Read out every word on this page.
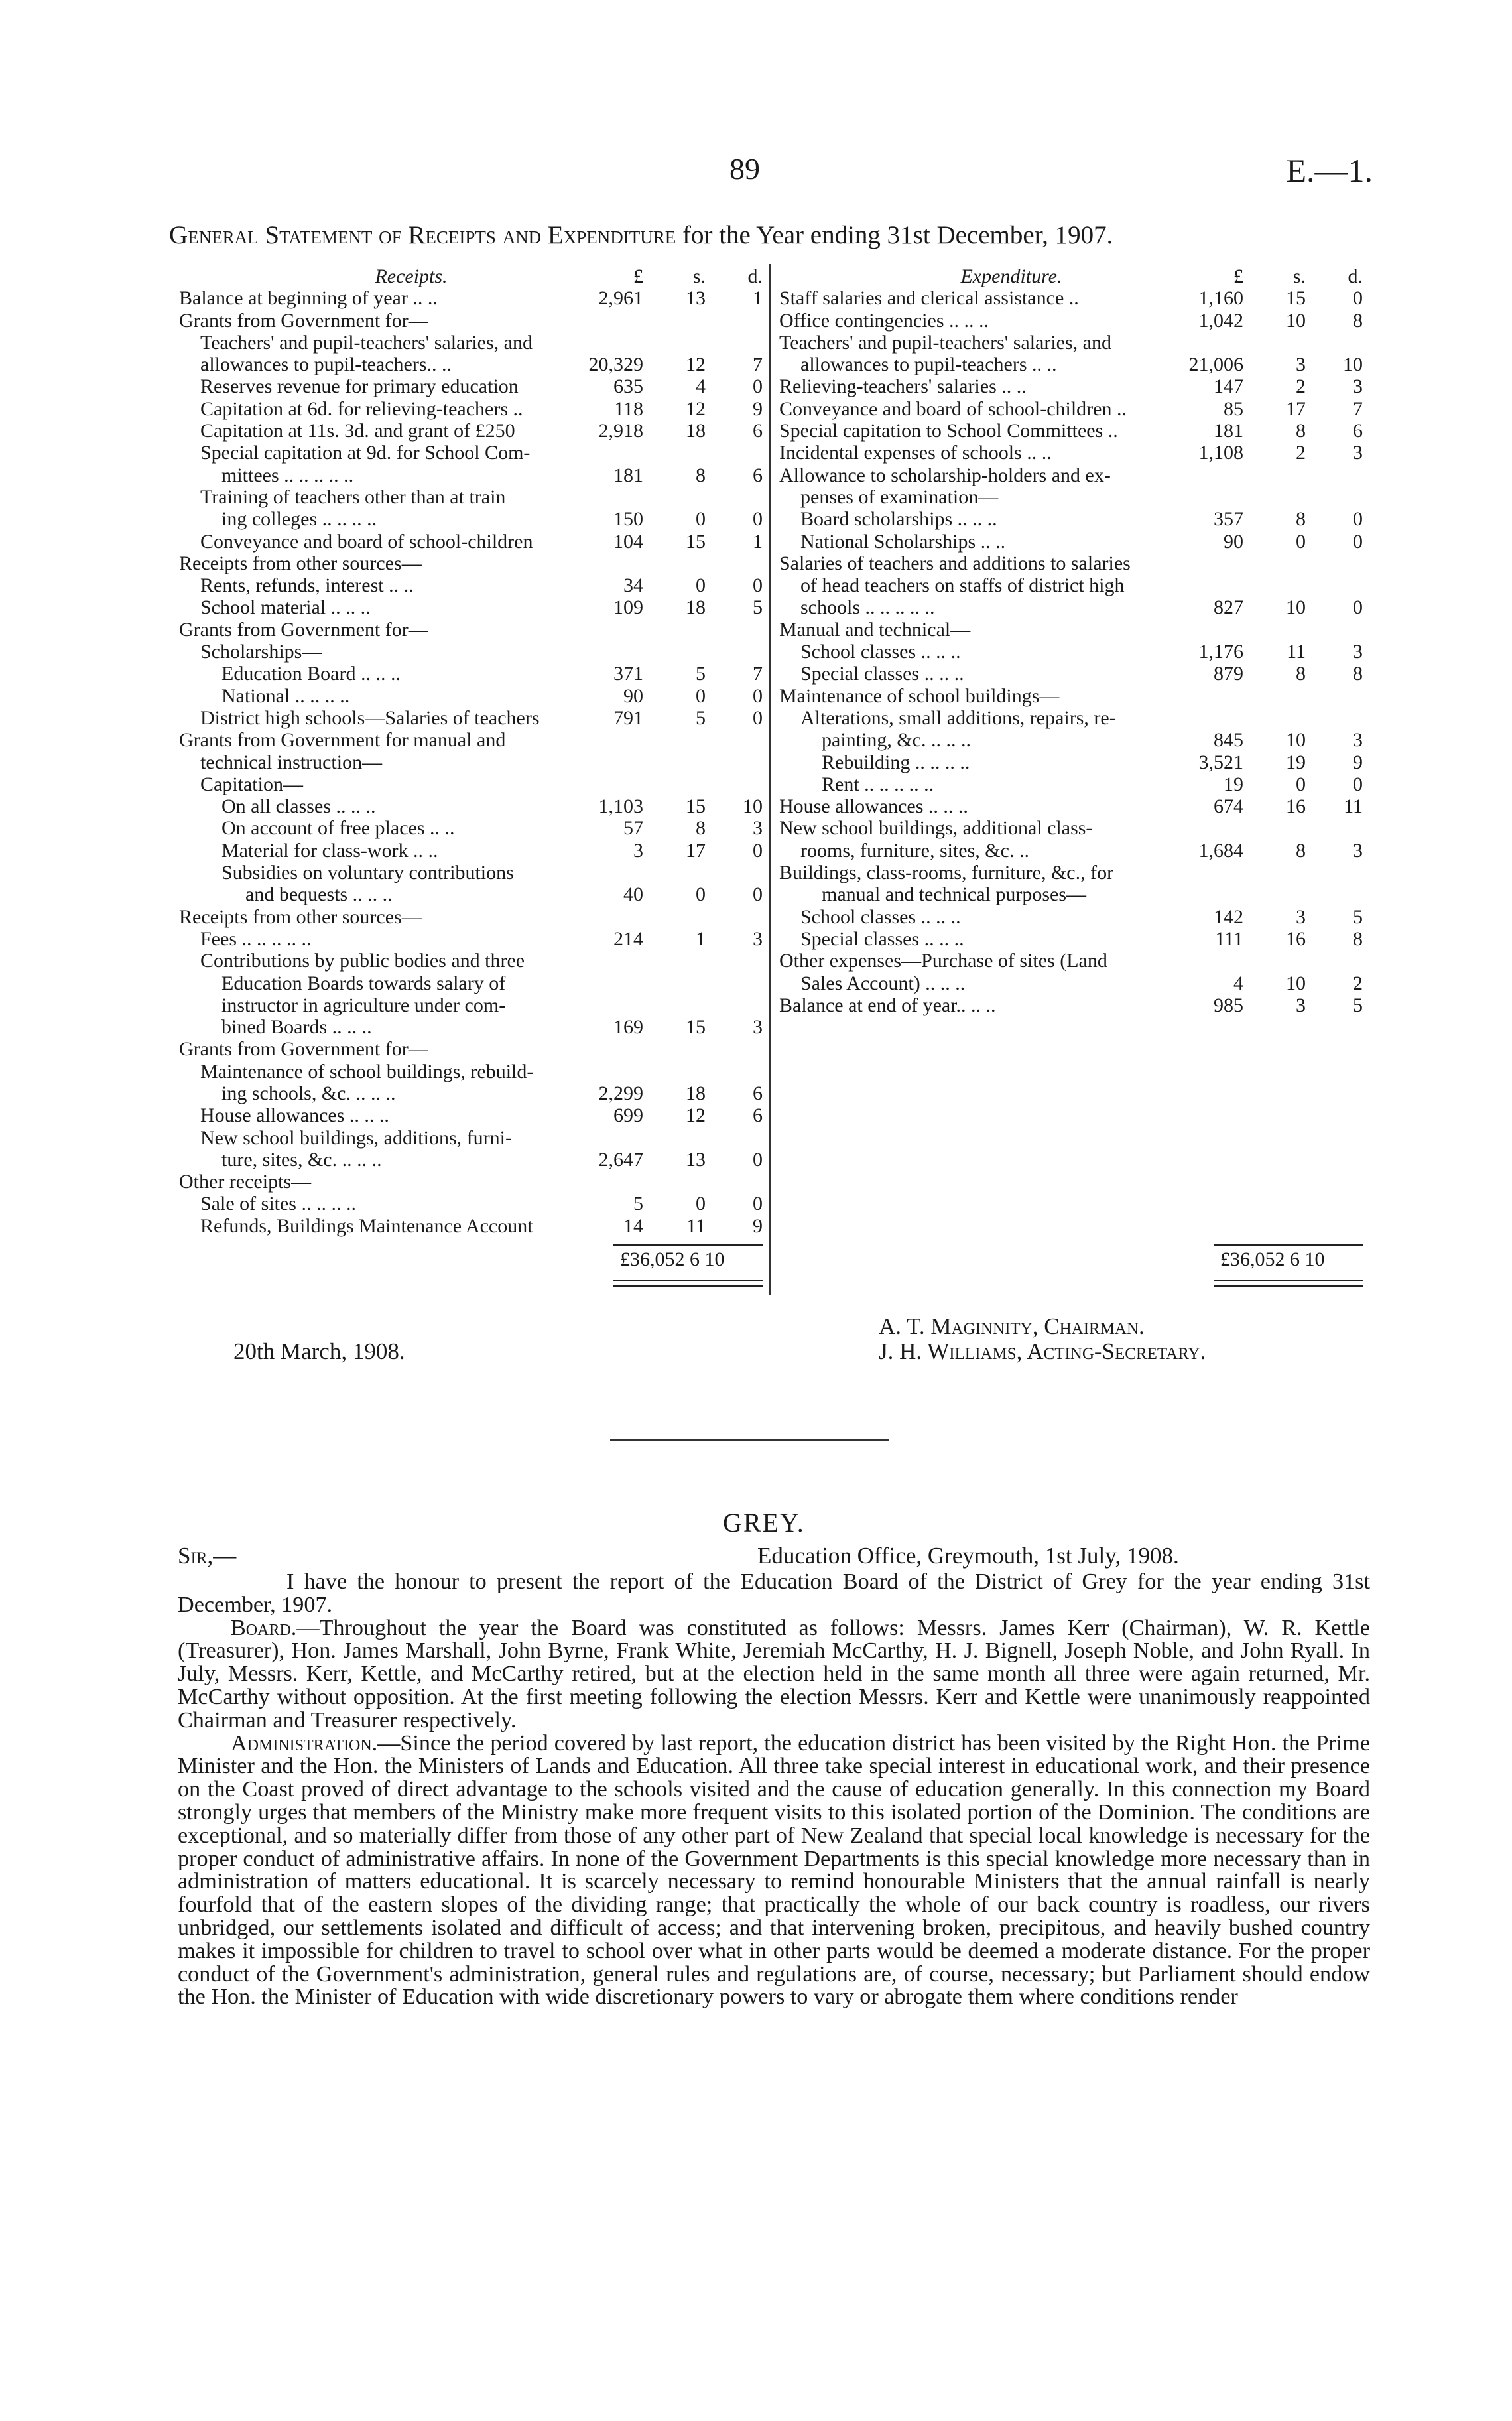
89	E.—1.
General Statement of Receipts and Expenditure for the Year ending 31st December, 1907.
Receipts.	£	s.	d.
Balance at beginning of year .. ..	2,961	13	1
Grants from Government for—
Teachers' and pupil-teachers' salaries, and
allowances to pupil-teachers.. ..	20,329	12	7
Reserves revenue for primary education	635	4	0
Capitation at 6d. for relieving-teachers ..	118	12	9
Capitation at 11s. 3d. and grant of £250	2,918	18	6
Special capitation at 9d. for School Com-
mittees .. .. .. .. ..	181	8	6
Training of teachers other than at train
ing colleges .. .. .. ..	150	0	0
Conveyance and board of school-children	104	15	1
Receipts from other sources—
Rents, refunds, interest .. ..	34	0	0
School material .. .. ..	109	18	5
Grants from Government for—
Scholarships—
Education Board .. .. ..	371	5	7
National .. .. .. ..	90	0	0
District high schools—Salaries of teachers	791	5	0
Grants from Government for manual and
technical instruction—
Capitation—
On all classes .. .. ..	1,103	15	10
On account of free places .. ..	57	8	3
Material for class-work .. ..	3	17	0
Subsidies on voluntary contributions
and bequests .. .. ..	40	0	0
Receipts from other sources—
Fees .. .. .. .. ..	214	1	3
Contributions by public bodies and three
Education Boards towards salary of
instructor in agriculture under com-
bined Boards .. .. ..	169	15	3
Grants from Government for—
Maintenance of school buildings, rebuild-
ing schools, &c. .. .. ..	2,299	18	6
House allowances .. .. ..	699	12	6
New school buildings, additions, furni-
ture, sites, &c. .. .. ..	2,647	13	0
Other receipts—
Sale of sites .. .. .. ..	5	0	0
Refunds, Buildings Maintenance Account	14	11	9
Expenditure.	£	s.	d.
Staff salaries and clerical assistance ..	1,160	15	0
Office contingencies .. .. ..	1,042	10	8
Teachers' and pupil-teachers' salaries, and
allowances to pupil-teachers .. ..	21,006	3	10
Relieving-teachers' salaries .. ..	147	2	3
Conveyance and board of school-children ..	85	17	7
Special capitation to School Committees ..	181	8	6
Incidental expenses of schools .. ..	1,108	2	3
Allowance to scholarship-holders and ex-
penses of examination—
Board scholarships .. .. ..	357	8	0
National Scholarships .. ..	90	0	0
Salaries of teachers and additions to salaries
of head teachers on staffs of district high
schools .. .. .. .. ..	827	10	0
Manual and technical—
School classes .. .. ..	1,176	11	3
Special classes .. .. ..	879	8	8
Maintenance of school buildings—
Alterations, small additions, repairs, re-
painting, &c. .. .. ..	845	10	3
Rebuilding .. .. .. ..	3,521	19	9
Rent .. .. .. .. ..	19	0	0
House allowances .. .. ..	674	16	11
New school buildings, additional class-
rooms, furniture, sites, &c. ..	1,684	8	3
Buildings, class-rooms, furniture, &c., for
manual and technical purposes—
School classes .. .. ..	142	3	5
Special classes .. .. ..	111	16	8
Other expenses—Purchase of sites (Land
Sales Account) .. .. ..	4	10	2
Balance at end of year.. .. ..	985	3	5
£36,052 6 10	£36,052 6 10
20th March, 1908.
A. T. Maginnity, Chairman.
J. H. Williams, Acting-Secretary.
GREY.
Sir,—	Education Office, Greymouth, 1st July, 1908.

I have the honour to present the report of the Education Board of the District of Grey for the year ending 31st December, 1907.

Board.—Throughout the year the Board was constituted as follows: Messrs. James Kerr (Chairman), W. R. Kettle (Treasurer), Hon. James Marshall, John Byrne, Frank White, Jeremiah McCarthy, H. J. Bignell, Joseph Noble, and John Ryall. In July, Messrs. Kerr, Kettle, and McCarthy retired, but at the election held in the same month all three were again returned, Mr. McCarthy without opposition. At the first meeting following the election Messrs. Kerr and Kettle were unanimously reappointed Chairman and Treasurer respectively.

Administration.—Since the period covered by last report, the education district has been visited by the Right Hon. the Prime Minister and the Hon. the Ministers of Lands and Education. All three take special interest in educational work, and their presence on the Coast proved of direct advantage to the schools visited and the cause of education generally. In this connection my Board strongly urges that members of the Ministry make more frequent visits to this isolated portion of the Dominion. The conditions are exceptional, and so materially differ from those of any other part of New Zealand that special local knowledge is necessary for the proper conduct of administrative affairs. In none of the Government Departments is this special knowledge more necessary than in administration of matters educational. It is scarcely necessary to remind honourable Ministers that the annual rainfall is nearly fourfold that of the eastern slopes of the dividing range; that practically the whole of our back country is roadless, our rivers unbridged, our settlements isolated and difficult of access; and that intervening broken, precipitous, and heavily bushed country makes it impossible for children to travel to school over what in other parts would be deemed a moderate distance. For the proper conduct of the Government's administration, general rules and regulations are, of course, necessary; but Parliament should endow the Hon. the Minister of Education with wide discretionary powers to vary or abrogate them where conditions render
